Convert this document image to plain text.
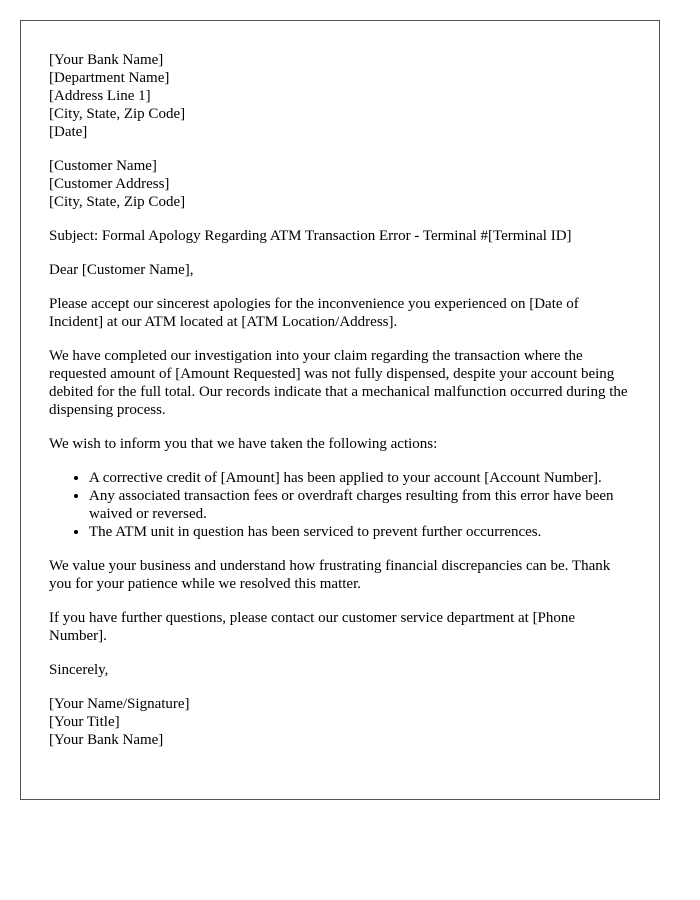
[Your Bank Name]
[Department Name]
[Address Line 1]
[City, State, Zip Code]
[Date]
[Customer Name]
[Customer Address]
[City, State, Zip Code]

Subject: Formal Apology Regarding ATM Transaction Error - Terminal #[Terminal ID]

Dear [Customer Name],

Please accept our sincerest apologies for the inconvenience you experienced on [Date of Incident] at our ATM located at [ATM Location/Address].

We have completed our investigation into your claim regarding the transaction where the requested amount of [Amount Requested] was not fully dispensed, despite your account being debited for the full total. Our records indicate that a mechanical malfunction occurred during the dispensing process.

We wish to inform you that we have taken the following actions:

• A corrective credit of [Amount] has been applied to your account [Account Number].
• Any associated transaction fees or overdraft charges resulting from this error have been waived or reversed.
• The ATM unit in question has been serviced to prevent further occurrences.

We value your business and understand how frustrating financial discrepancies can be. Thank you for your patience while we resolved this matter.

If you have further questions, please contact our customer service department at [Phone Number].

Sincerely,

[Your Name/Signature]
[Your Title]
[Your Bank Name]
